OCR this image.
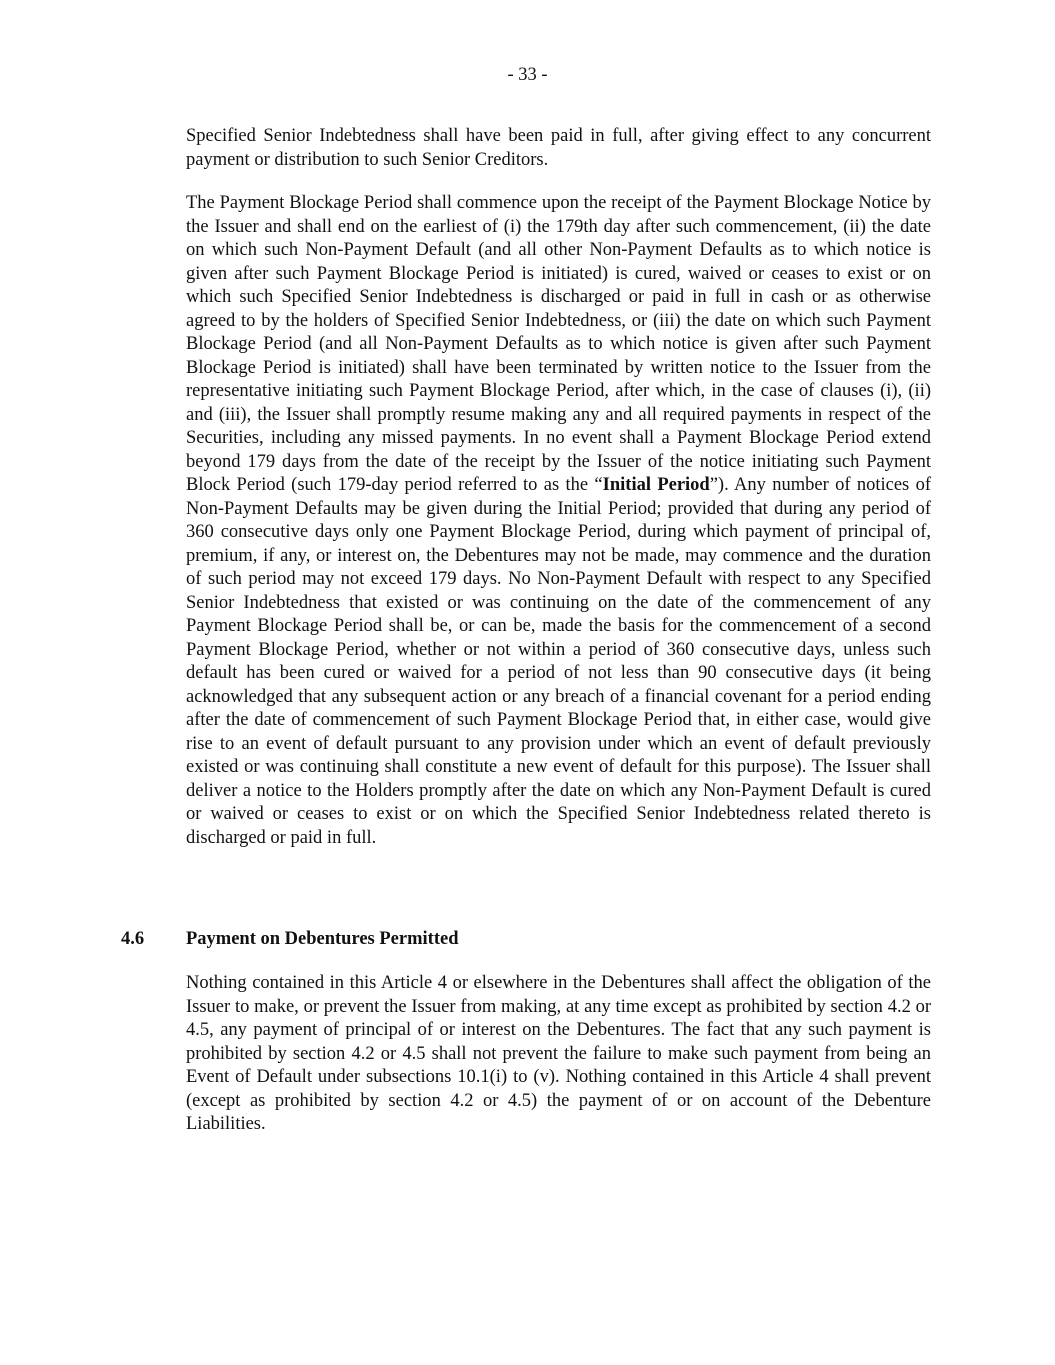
- 33 -

Specified Senior Indebtedness shall have been paid in full, after giving effect to any concurrent payment or distribution to such Senior Creditors.

The Payment Blockage Period shall commence upon the receipt of the Payment Blockage Notice by the Issuer and shall end on the earliest of (i) the 179th day after such commencement, (ii) the date on which such Non-Payment Default (and all other Non-Payment Defaults as to which notice is given after such Payment Blockage Period is initiated) is cured, waived or ceases to exist or on which such Specified Senior Indebtedness is discharged or paid in full in cash or as otherwise agreed to by the holders of Specified Senior Indebtedness, or (iii) the date on which such Payment Blockage Period (and all Non-Payment Defaults as to which notice is given after such Payment Blockage Period is initiated) shall have been terminated by written notice to the Issuer from the representative initiating such Payment Blockage Period, after which, in the case of clauses (i), (ii) and (iii), the Issuer shall promptly resume making any and all required payments in respect of the Securities, including any missed payments. In no event shall a Payment Blockage Period extend beyond 179 days from the date of the receipt by the Issuer of the notice initiating such Payment Block Period (such 179-day period referred to as the “Initial Period”). Any number of notices of Non-Payment Defaults may be given during the Initial Period; provided that during any period of 360 consecutive days only one Payment Blockage Period, during which payment of principal of, premium, if any, or interest on, the Debentures may not be made, may commence and the duration of such period may not exceed 179 days. No Non-Payment Default with respect to any Specified Senior Indebtedness that existed or was continuing on the date of the commencement of any Payment Blockage Period shall be, or can be, made the basis for the commencement of a second Payment Blockage Period, whether or not within a period of 360 consecutive days, unless such default has been cured or waived for a period of not less than 90 consecutive days (it being acknowledged that any subsequent action or any breach of a financial covenant for a period ending after the date of commencement of such Payment Blockage Period that, in either case, would give rise to an event of default pursuant to any provision under which an event of default previously existed or was continuing shall constitute a new event of default for this purpose). The Issuer shall deliver a notice to the Holders promptly after the date on which any Non-Payment Default is cured or waived or ceases to exist or on which the Specified Senior Indebtedness related thereto is discharged or paid in full.

4.6 Payment on Debentures Permitted

Nothing contained in this Article 4 or elsewhere in the Debentures shall affect the obligation of the Issuer to make, or prevent the Issuer from making, at any time except as prohibited by section 4.2 or 4.5, any payment of principal of or interest on the Debentures. The fact that any such payment is prohibited by section 4.2 or 4.5 shall not prevent the failure to make such payment from being an Event of Default under subsections 10.1(i) to (v). Nothing contained in this Article 4 shall prevent (except as prohibited by section 4.2 or 4.5) the payment of or on account of the Debenture Liabilities.
